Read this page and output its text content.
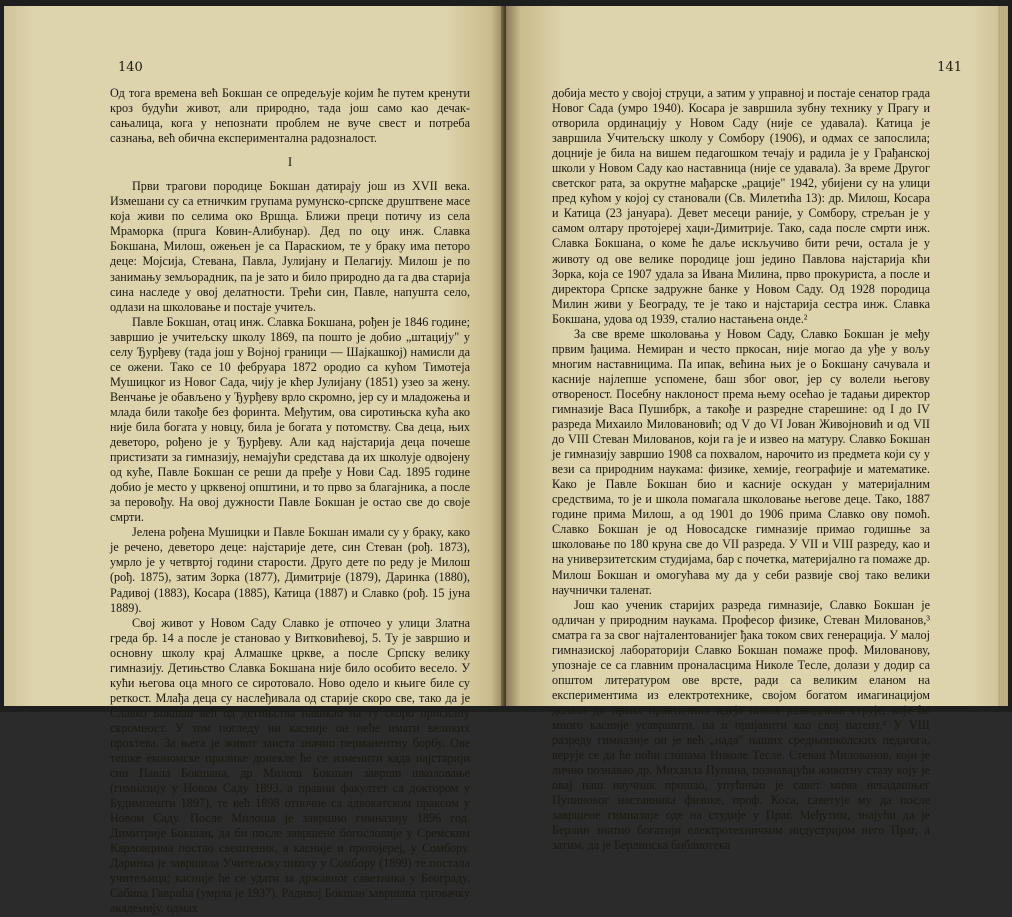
140

Од тога времена већ Бокшан се опредељује којим ће путем кренути кроз будући живот, али природно, тада још само као дечак-сањалица, кога у непознати проблем не вуче свест и потреба сазнања, већ обична експериментална радозналост.

I

Први трагови породице Бокшан датирају још из XVII века. Измешани су са етничким групама румунско-српске друштвене масе која живи по селима око Вршца. Ближи преци потичу из села Мраморка (прuга Ковин-Алибунар). Дед по оцу инж. Славка Бокшана, Милош, ожењен је са Параскиом, те у браку има петоро деце: Мојсија, Стевана, Павла, Јулијану и Пелагију. Милош је по занимању земљорадник, па је зато и било природно да га два старија сина наследе у овој делатности. Трећи син, Павле, напушта село, одлази на школовање и постаје учитељ.

Павле Бокшан, отац инж. Славка Бокшана, рођен је 1846 године; завршио је учитељску школу 1869, па пошто је добио „штацију" у селу Ђурђеву (тада још у Војној граници — Шајкашкој) намисли да се ожени. Тако се 10 фебруара 1872 ородио са кућом Тимотеја Мушицког из Новог Сада, чију је кћер Јулијану (1851) узео за жену. Венчање је обављено у Ђурђеву врло скромно, јер су и младожења и млада били такође без форинта. Међутим, ова сиротињска кућа ако није била богата у новцу, била је богата у потомству. Сва деца, њих деветоро, рођено је у Ђурђеву. Али кад најстарија деца почеше пристизати за гимназију, немајући средстава да их школује одвојену од куће, Павле Бокшан се реши да пређе у Нови Сад. 1895 године добио је место у црквеној општини, и то прво за благајника, а после за перовођу. На овој дужности Павле Бокшан је остао све до своје смрти.

Јелена рођена Мушицки и Павле Бокшан имали су у браку, како је речено, деветоро деце: најстарије дете, син Стеван (рођ. 1873), умрло је у четвртој години старости. Друго дете по реду је Милош (рођ. 1875), затим Зорка (1877), Димитрије (1879), Даринка (1880), Радивој (1883), Косара (1885), Катица (1887) и Славко (рођ. 15 јуна 1889).

Свој живот у Новом Саду Славко је отпочео у улици Златна греда бр. 14 а после је становао у Витковићевој, 5. Ту је завршио и основну школу крај Алмашке цркве, а после Српску велику гимназију. Детињство Славка Бокшана није било особито весело. У кући његова оца много се сиротовало. Ново одело и књиге биле су реткост. Млађа деца су наслеђивала од старије скоро све, тако да је Славко Бокшан већ од детињства навикао на ту скоро присилну скромност. У том погледу ни касније он неће имати великих прохтева. За њега је живот заиста значио перманентну борбу. Ове тешке економске прилике донекле ће се изменити када најстарији син Павла Бокшана, др Милош Бокшан заврши школовање (гимназију у Новом Саду 1893, а правни факултет са доктором у Будимпешти 1897), те већ 1898 отпочне са адвокатском праксом у Новом Саду. После Милоша је завршио гимназију 1896 год. Димитрије Бокшан, да би после завршене богословије у Сремским Карловцима постао свештеник, а касније и протојереј, у Сомбору. Даринка је завршила Учитељску школу у Сомбору (1899) те постала учитељица; касније ће се удати за државног саветника у Београду, Сабина Гаврића (умрла је 1937). Радивој Бокшан завршава трговачку академију, одмах

141

добија место у својој струци, а затим у управној и постаје сенатор града Новог Сада (умро 1940). Косара је завршила зубну технику у Прагу и отворила ординацију у Новом Саду (није се удавала). Катица је завршила Учитељску школу у Сомбору (1906), и одмах се запослила; доцније је била на вишем педагошком течају и радила је у Грађанској школи у Новом Саду као наставница (није се удавала). За време Другог светског рата, за окрутне мађарске „рације" 1942, убијени су на улици пред кућом у којој су становали (Св. Милетића 13): др. Милош, Косара и Катица (23 јануара). Девет месеци раније, у Сомбору, стрељан је у самом олтару протојереј хаџи-Димитрије. Тако, сада после смрти инж. Славка Бокшана, о коме ће даље искључиво бити речи, остала је у животу од ове велике породице још једино Павлова најстарија кћи Зорка, која се 1907 удала за Ивана Милина, прво прокуриста, а после и директора Српске задружне банке у Новом Саду. Од 1928 породица Милин живи у Београду, те је тако и најстарија сестра инж. Славка Бокшана, удова од 1939, сталио настањена онде.²

За све време школовања у Новом Саду, Славко Бокшан је међу првим ђацима. Немиран и често пркосан, није могао да уђе у вољу многим наставницима. Па ипак, већина њих је о Бокшану сачувала и касније најлепше успомене, баш због овог, јер су волели његову отвореност. Посебну наклоност према њему осећао је тадањи директор гимназије Васа Пушибрк, а такође и разредне старешине: од I до IV разреда Михаило Миловановић; од V до VI Јован Живојновић и од VII до VIII Стеван Милованов, који га је и извео на матуру. Славко Бокшан је гимназију завршио 1908 са похвалом, нарочито из предмета који су у вези са природним наукама: физике, хемије, географије и математике. Како је Павле Бокшан био и касније оскудан у материјалним средствима, то је и школа помагала школовање његове деце. Тако, 1887 године прима Милош, а од 1901 до 1906 прима Славко ову помоћ. Славко Бокшан је од Новосадске гимназије примао годишње за школовање по 180 круна све до VII разреда. У VII и VIII разреду, као и на универзитетским студијама, бар с почетка, материјално га помаже др. Милош Бокшан и омогућава му да у себи развије свој тако велики научнички таленат.

Још као ученик старијих разреда гимназије, Славко Бокшан је одличан у природним наукама. Професор физике, Стеван Милованов,³ сматра га за свог најталентованијег ђака током свих генерација. У малој гимназиској лабораторији Славко Бокшан помаже проф. Милованову, упознаје се са главним проналасцима Николе Тесле, долази у додир са општом литературом ове врсте, ради са великим еланом на експериментима из електротехнике, својом богатом имагинацијом долази до првих практичних идеја нових разводника струје, које ће много касније усавршити, па и пријавити као свој патент.⁴ У VIII разреду гимназије он је већ „нада" наших средњошколских педагога, верује се да ће поћи стопама Николе Тесле. Стеван Милованов, који је лично познавао др. Михаила Пупина, познавајући животну стазу коју је овај наш научник прошао, упућивао је савет мима некадашњег Пупиновог наставника физике, проф. Коса, саветује му да после завршене гимназије оде на студије у Праг. Међутим, знајући да је Берлин знатно богатији електротехничком индустријом него Праг, а затим, да је Берлинска библиотека
